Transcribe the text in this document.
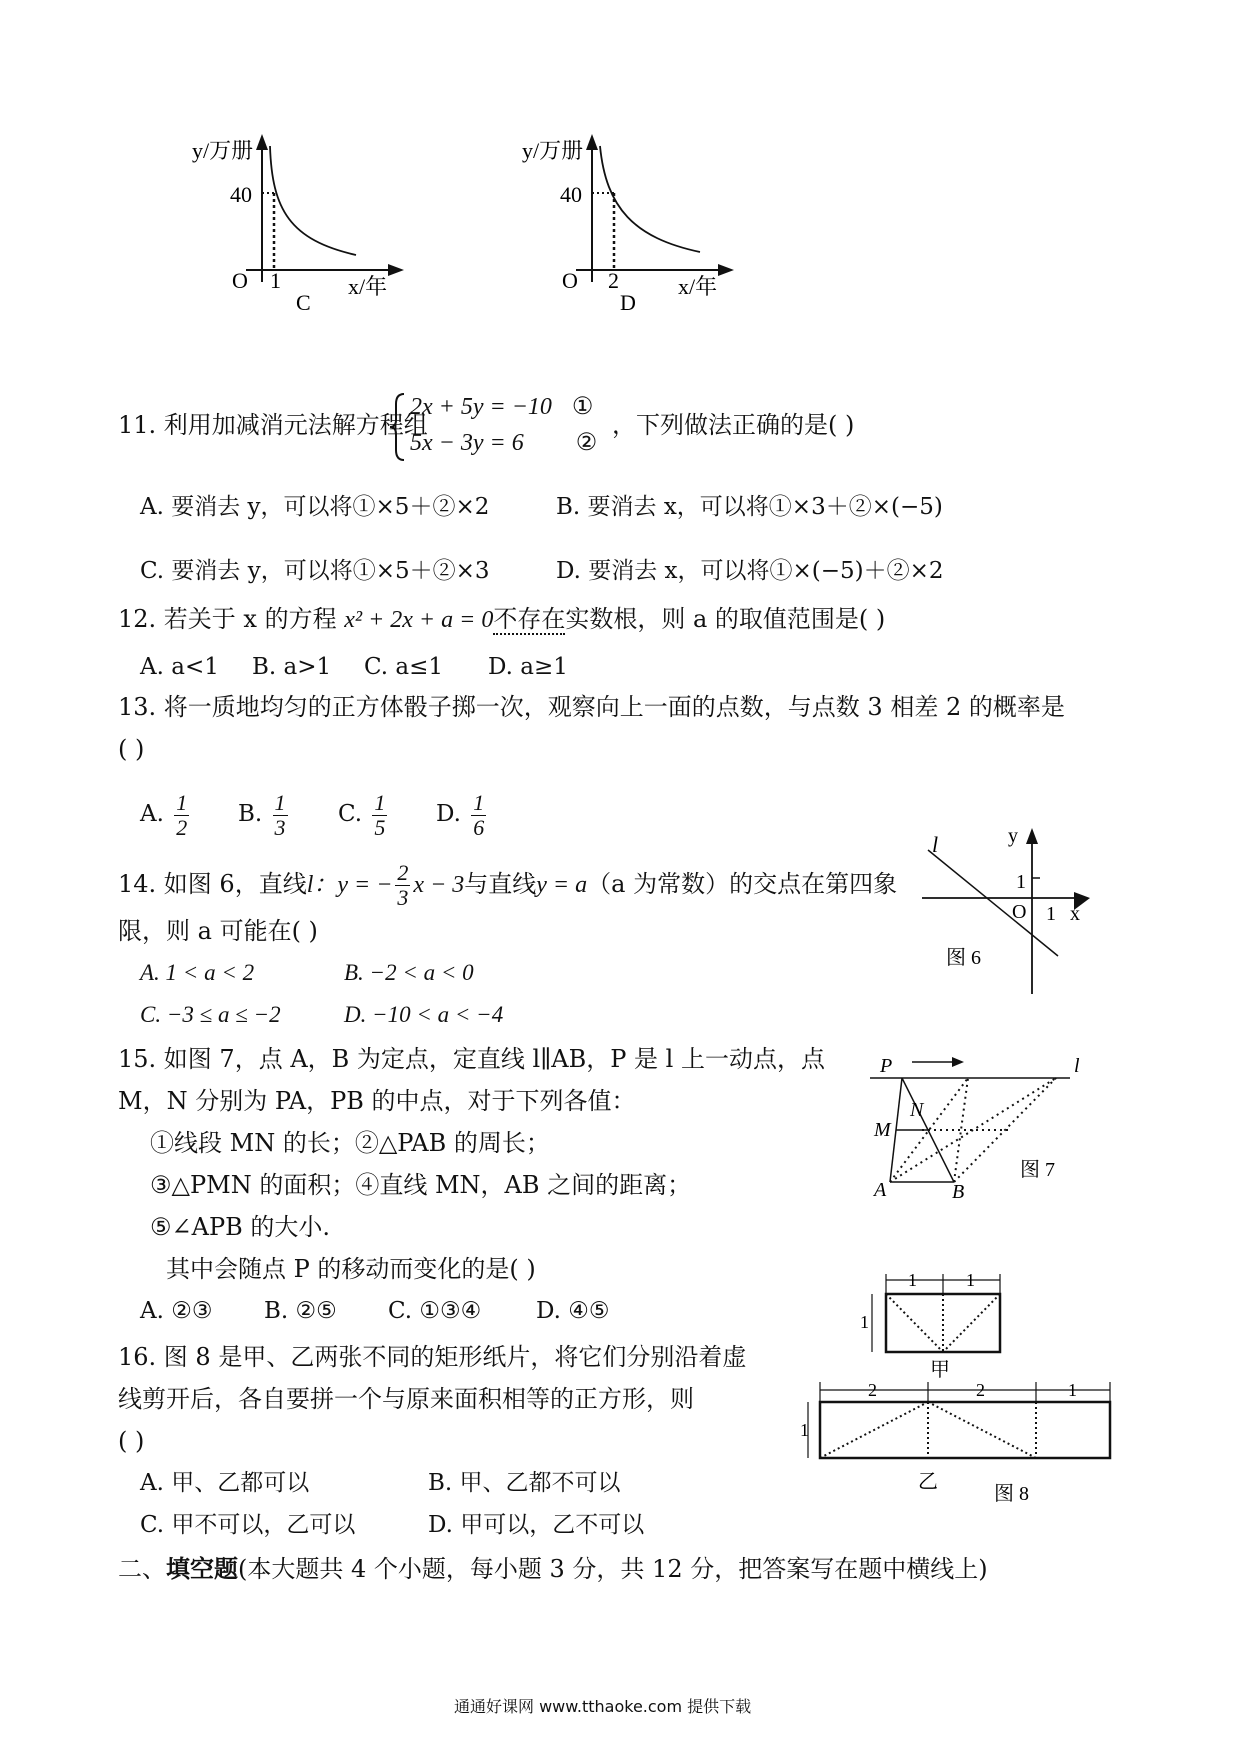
y/万册
40
O 1	x/年
C
y/万册
40
O 2	x/年
D
11. 利用加减消元法解方程组
2x + 5y = −10 ①
5x − 3y = 6 ②
，下列做法正确的是( )
A. 要消去 y，可以将①×5＋②×2	B. 要消去 x，可以将①×3＋②×(−5)
C. 要消去 y，可以将①×5＋②×3	D. 要消去 x，可以将①×(−5)＋②×2
12. 若关于 x 的方程 x² + 2x + a = 0不存在实数根，则 a 的取值范围是( )
A. a<1 B. a>1 C. a≤1 D. a≥1
13. 将一质地均匀的正方体骰子掷一次，观察向上一面的点数，与点数 3 相差 2 的概率是
( )
A. $\frac{1}{2} B$. $\frac{1}{3} C$. $\frac{1}{5} D$. $\frac{1}{6}$
14. 如图 6，直线l：y = − $\frac{2}{3}$ x − 3与直线y = a（a 为常数）的交点在第四象
限，则 a 可能在( )
A. 1 < a < 2	B. −2 < a < 0
C. −3 ≤ a ≤ −2	D. −10 < a < −4
l	y
1
O 1 x
图 6
15. 如图 7，点 A，B 为定点，定直线 l∥AB，P 是 l 上一动点，点
M，N 分别为 PA，PB 的中点，对于下列各值：
①线段 MN 的长；②△PAB 的周长；
③△PMN 的面积；④直线 MN，AB 之间的距离；
⑤∠APB 的大小.
其中会随点 P 的移动而变化的是( )
A. ②③ B. ②⑤ C. ①③④ D. ④⑤
P	l
M
N
A	B
图 7
16. 图 8 是甲、乙两张不同的矩形纸片，将它们分别沿着虚
线剪开后，各自要拼一个与原来面积相等的正方形，则
( )
A. 甲、乙都可以	B. 甲、乙都不可以
C. 甲不可以，乙可以	D. 甲可以，乙不可以
1	1
1
甲
2	2	1
1
乙
图 8
二、填空题(本大题共 4 个小题，每小题 3 分，共 12 分，把答案写在题中横线上)
通通好课网 www.tthaoke.com 提供下载
